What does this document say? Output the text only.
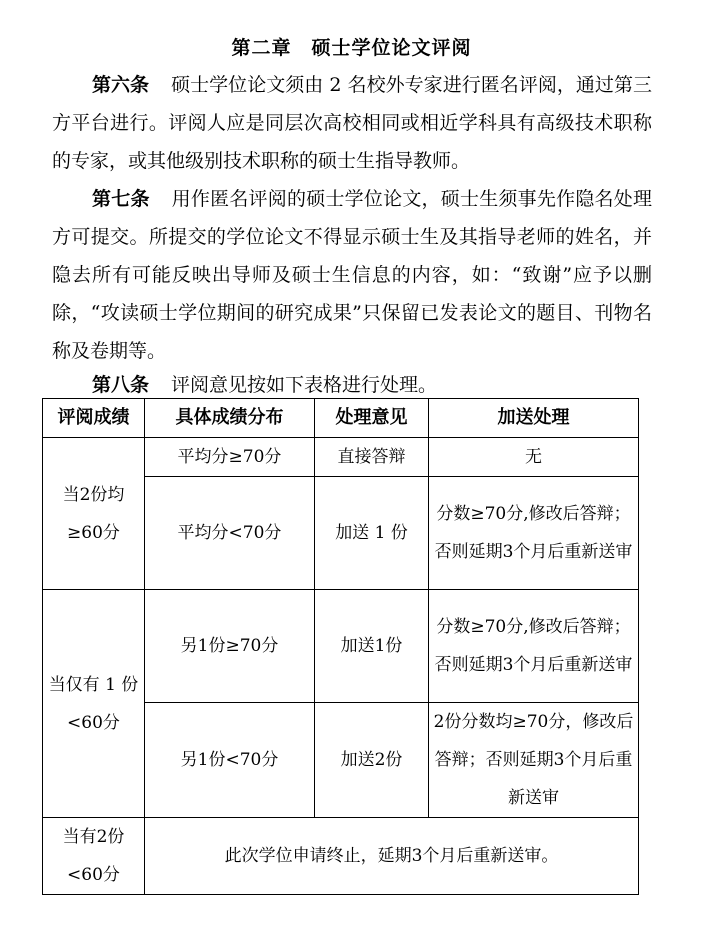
第二章　硕士学位论文评阅
第六条 硕士学位论文须由 2 名校外专家进行匿名评阅，通过第三方平台进行。评阅人应是同层次高校相同或相近学科具有高级技术职称的专家，或其他级别技术职称的硕士生指导教师。
第七条 用作匿名评阅的硕士学位论文，硕士生须事先作隐名处理方可提交。所提交的学位论文不得显示硕士生及其指导老师的姓名，并隐去所有可能反映出导师及硕士生信息的内容，如：“致谢”应予以删除，“攻读硕士学位期间的研究成果”只保留已发表论文的题目、刊物名称及卷期等。
第八条 评阅意见按如下表格进行处理。
评阅成绩	具体成绩分布	处理意见	加送处理
当2份均≥60分	平均分≥70分	直接答辩	无
	平均分<70分	加送 1 份	分数≥70分,修改后答辩；否则延期3个月后重新送审
当仅有 1 份<60分	另1份≥70分	加送1份	分数≥70分,修改后答辩；否则延期3个月后重新送审
	另1份<70分	加送2份	2份分数均≥70分，修改后答辩；否则延期3个月后重新送审
当有2份<60分	此次学位申请终止，延期3个月后重新送审。		
